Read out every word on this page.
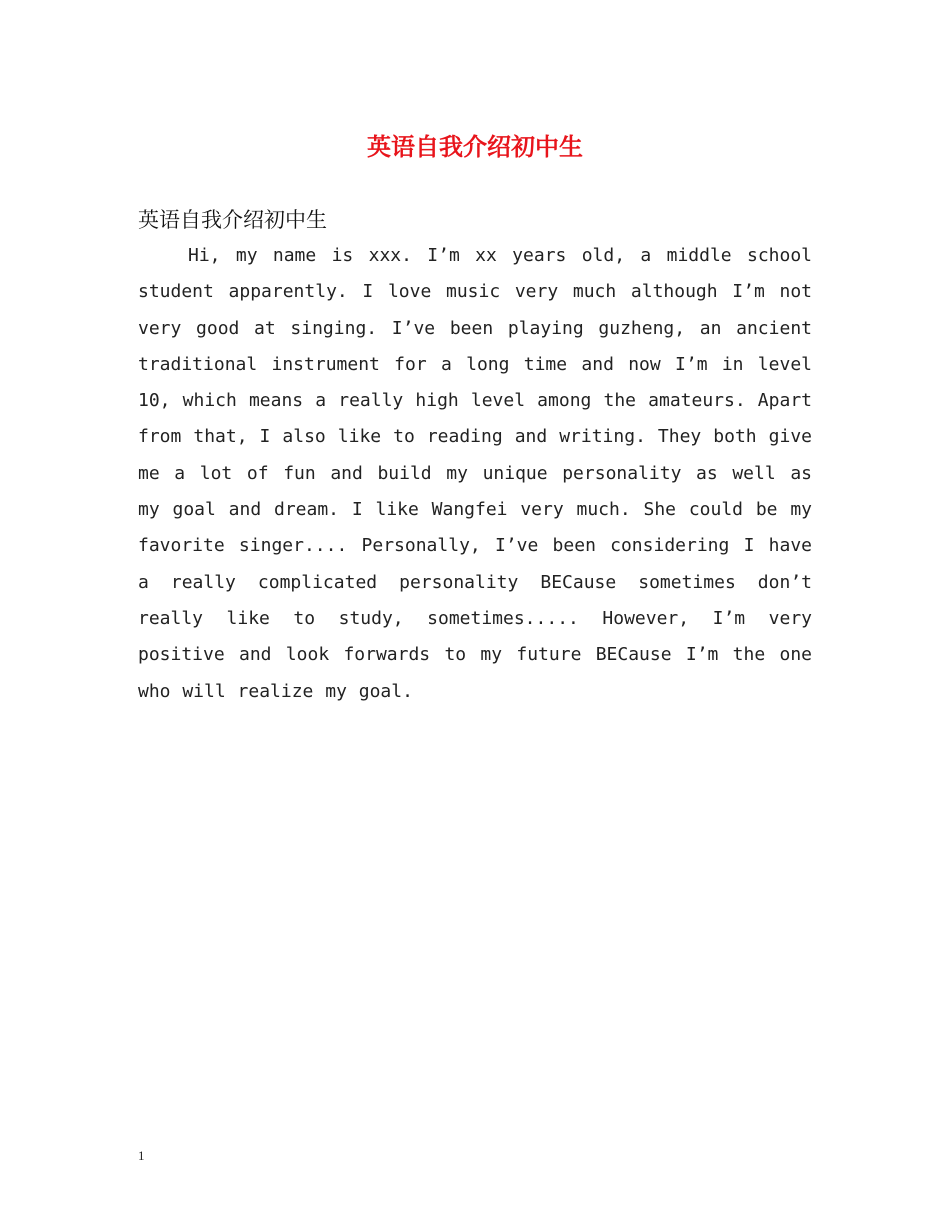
英语自我介绍初中生
英语自我介绍初中生

Hi, my name is xxx. I’m xx years old, a middle school student apparently. I love music very much although I’m not very good at singing. I’ve been playing guzheng, an ancient traditional instrument for a long time and now I’m in level 10, which means a really high level among the amateurs. Apart from that, I also like to reading and writing. They both give me a lot of fun and build my unique personality as well as my goal and dream. I like Wangfei very much. She could be my favorite singer.... Personally, I’ve been considering I have a really complicated personality BECause sometimes don’t really like to study, sometimes..... However, I’m very positive and look forwards to my future BECause I’m the one who will realize my goal.

1
